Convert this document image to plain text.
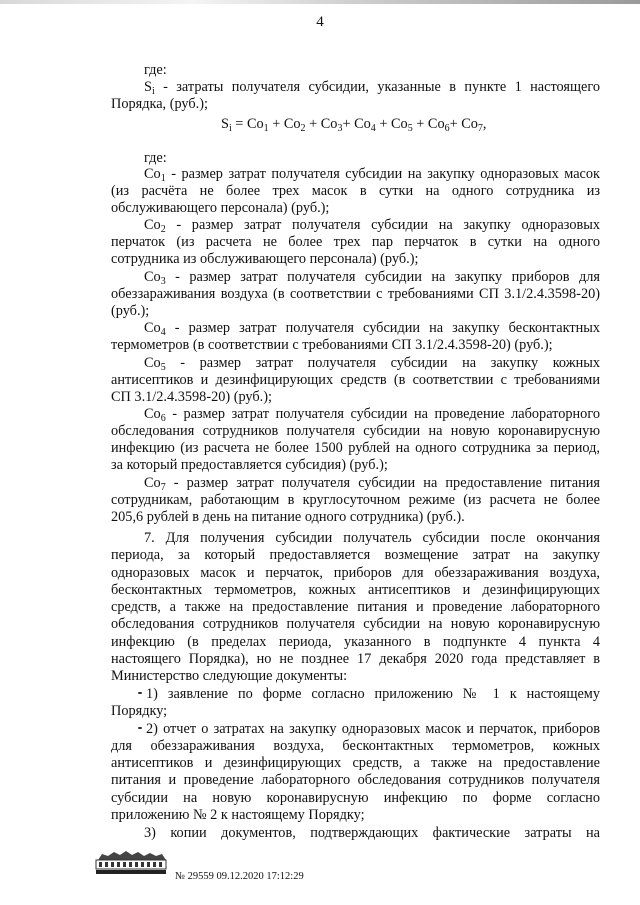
4
где:
$S_i$ - затраты получателя субсидии, указанные в пункте 1 настоящего
Порядка, (руб.);
$S_i = Co_1 + Co_2 + Co_3+ Co_4 + Co_5 + Co_6+ Co_7$,
где:
$Co_1$ - размер затрат получателя субсидии на закупку одноразовых масок
(из расчёта не более трех масок в сутки на одного сотрудника из
обслуживающего персонала) (руб.);
$Co_2$ - размер затрат получателя субсидии на закупку одноразовых
перчаток (из расчета не более трех пар перчаток в сутки на одного
сотрудника из обслуживающего персонала) (руб.);
$Co_3$ - размер затрат получателя субсидии на закупку приборов для
обеззараживания воздуха (в соответствии с требованиями СП 3.1/2.4.3598-20)
(руб.);
$Co_4$ - размер затрат получателя субсидии на закупку бесконтактных
термометров (в соответствии с требованиями СП 3.1/2.4.3598-20) (руб.);
$Co_5$ - размер затрат получателя субсидии на закупку кожных
антисептиков и дезинфицирующих средств (в соответствии с требованиями
СП 3.1/2.4.3598-20) (руб.);
$Co_6$ - размер затрат получателя субсидии на проведение лабораторного
обследования сотрудников получателя субсидии на новую коронавирусную
инфекцию (из расчета не более 1500 рублей на одного сотрудника за период,
за который предоставляется субсидия) (руб.);
$Co_7$ - размер затрат получателя субсидии на предоставление питания
сотрудникам, работающим в круглосуточном режиме (из расчета не более
205,6 рублей в день на питание одного сотрудника) (руб.).
7. Для получения субсидии получатель субсидии после окончания
периода, за который предоставляется возмещение затрат на закупку
одноразовых масок и перчаток, приборов для обеззараживания воздуха,
бесконтактных термометров, кожных антисептиков и дезинфицирующих
средств, а также на предоставление питания и проведение лабораторного
обследования сотрудников получателя субсидии на новую коронавирусную
инфекцию (в пределах периода, указанного в подпункте 4 пункта 4
настоящего Порядка), но не позднее 17 декабря 2020 года представляет в
Министерство следующие документы:
1) заявление по форме согласно приложению № 1 к настоящему
Порядку;
2) отчет о затратах на закупку одноразовых масок и перчаток, приборов
для обеззараживания воздуха, бесконтактных термометров, кожных
антисептиков и дезинфицирующих средств, а также на предоставление
питания и проведение лабораторного обследования сотрудников получателя
субсидии на новую коронавирусную инфекцию по форме согласно
приложению № 2 к настоящему Порядку;
3) копии документов, подтверждающих фактические затраты на
№ 29559 09.12.2020 17:12:29
